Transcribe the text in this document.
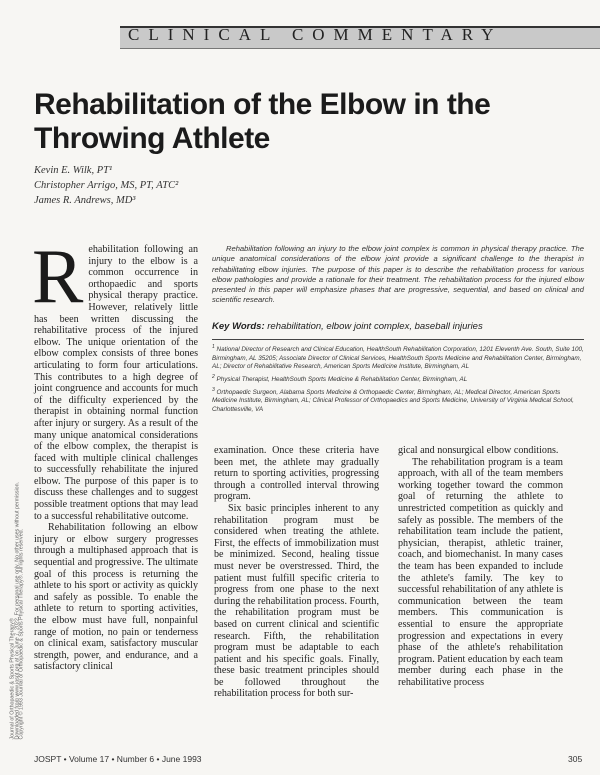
CLINICAL COMMENTARY
Rehabilitation of the Elbow in the Throwing Athlete
Kevin E. Wilk, PT¹
Christopher Arrigo, MS, PT, ATC²
James R. Andrews, MD³

Rehabilitation following an injury to the elbow is a common occurrence in orthopaedic and sports physical therapy practice. However, relatively little has been written discussing the rehabilitative process of the injured elbow. The unique orientation of the elbow complex consists of three bones articulating to form four articulations. This contributes to a high degree of joint congruence and accounts for much of the difficulty experienced by the therapist in obtaining normal function after injury or surgery. As a result of the many unique anatomical considerations of the elbow complex, the therapist is faced with multiple clinical challenges to successfully rehabilitate the injured elbow. The purpose of this paper is to discuss these challenges and to suggest possible treatment options that may lead to a successful rehabilitative outcome.

Rehabilitation following an elbow injury or elbow surgery progresses through a multiphased approach that is sequential and progressive. The ultimate goal of this process is returning the athlete to his sport or activity as quickly and safely as possible. To enable the athlete to return to sporting activities, the elbow must have full, nonpainful range of motion, no pain or tenderness on clinical exam, satisfactory muscular strength, power, and endurance, and a satisfactory clinical

Rehabilitation following an injury to the elbow joint complex is common in physical therapy practice. The unique anatomical considerations of the elbow joint provide a significant challenge to the therapist in rehabilitating elbow injuries. The purpose of this paper is to describe the rehabilitation process for various elbow pathologies and provide a rationale for their treatment. The rehabilitation process for the injured elbow presented in this paper will emphasize phases that are progressive, sequential, and based on clinical and scientific research.
Key Words: rehabilitation, elbow joint complex, baseball injuries

$^1$ National Director of Research and Clinical Education, HealthSouth Rehabilitation Corporation, 1201 Eleventh Ave. South, Suite 100, Birmingham, AL 35205; Associate Director of Clinical Services, HealthSouth Sports Medicine and Rehabilitation Center, Birmingham, AL; Director of Rehabilitative Research, American Sports Medicine Institute, Birmingham, AL

$^2$ Physical Therapist, HealthSouth Sports Medicine & Rehabilitation Center, Birmingham, AL

$^3$ Orthopaedic Surgeon, Alabama Sports Medicine & Orthopaedic Center, Birmingham, AL; Medical Director, American Sports Medicine Institute, Birmingham, AL; Clinical Professor of Orthopaedics and Sports Medicine, University of Virginia Medical School, Charlottesville, VA

examination. Once these criteria have been met, the athlete may gradually return to sporting activities, progressing through a controlled interval throwing program.

Six basic principles inherent to any rehabilitation program must be considered when treating the athlete. First, the effects of immobilization must be minimized. Second, healing tissue must never be overstressed. Third, the patient must fulfill specific criteria to progress from one phase to the next during the rehabilitation process. Fourth, the rehabilitation program must be based on current clinical and scientific research. Fifth, the rehabilitation program must be adaptable to each patient and his specific goals. Finally, these basic treatment principles should be followed throughout the rehabilitation process for both sur-

gical and nonsurgical elbow conditions.

The rehabilitation program is a team approach, with all of the team members working together toward the common goal of returning the athlete to unrestricted competition as quickly and safely as possible. The members of the rehabilitation team include the patient, physician, therapist, athletic trainer, coach, and biomechanist. In many cases the team has been expanded to include the athlete's family. The key to successful rehabilitation of any athlete is communication between the team members. This communication is essential to ensure the appropriate progression and expectations in every phase of the athlete's rehabilitation program. Patient education by each team member during each phase in the rehabilitative process

Journal of Orthopaedic & Sports Physical Therapy®
Downloaded from www.jospt.org at on June 7, 2022. For personal use only. No other uses without permission.
Copyright © 1993 Journal of Orthopaedic & Sports Physical Therapy®. All rights reserved.
JOSPT • Volume 17 • Number 6 • June 1993	305
